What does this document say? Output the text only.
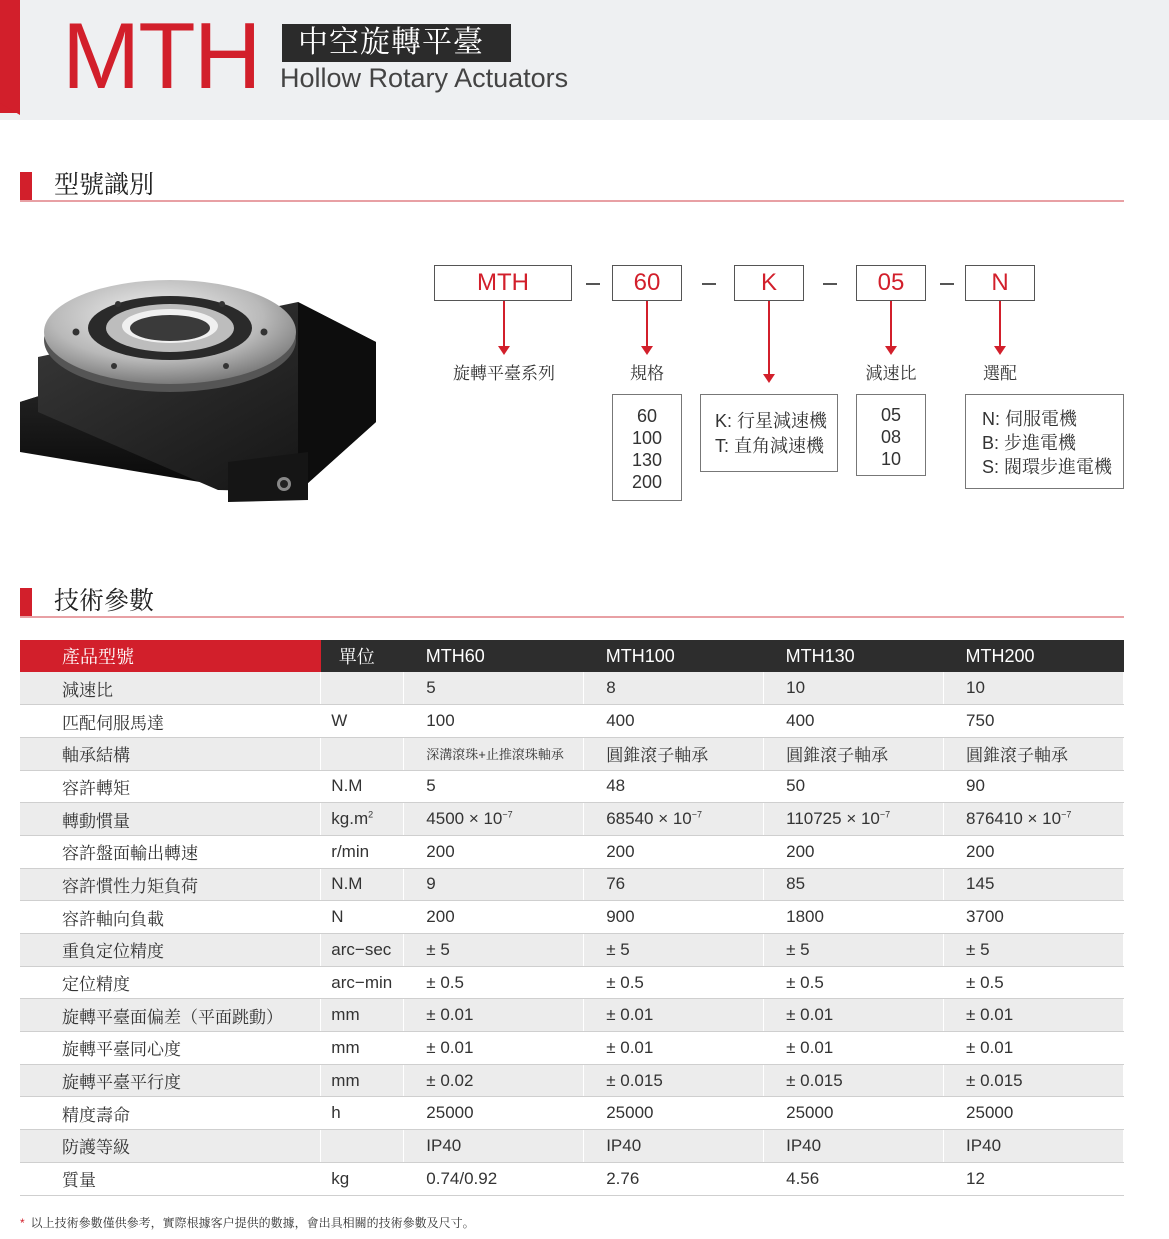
MTH	中空旋轉平臺
Hollow Rotary Actuators
型號識別
MTH	60	K	05	N
旋轉平臺系列	規格	減速比	選配
60
100
130
200
K: 行星減速機
T: 直角減速機
05
08
10
N: 伺服電機
B: 步進電機
S: 閥環步進電機
技術參數
產品型號	單位	MTH60	MTH100	MTH130	MTH200
減速比		5	8	10	10
匹配伺服馬達	W	100	400	400	750
軸承結構		深溝滾珠+止推滾珠軸承	圓錐滾子軸承	圓錐滾子軸承	圓錐滾子軸承
容許轉矩	N.M	5	48	50	90
轉動慣量	$kg.m^2$	$4500 \times 10^{-7}$	$68540 \times 10^{-7}$	$110725 \times 10^{-7}$	$876410 \times 10^{-7}$
容許盤面輸出轉速	r/min	200	200	200	200
容許慣性力矩負荷	N.M	9	76	85	145
容許軸向負載	N	200	900	1800	3700
重負定位精度	arc−sec	± 5	± 5	± 5	± 5
定位精度	arc−min	± 0.5	± 0.5	± 0.5	± 0.5
旋轉平臺面偏差（平面跳動）	mm	± 0.01	± 0.01	± 0.01	± 0.01
旋轉平臺同心度	mm	± 0.01	± 0.01	± 0.01	± 0.01
旋轉平臺平行度	mm	± 0.02	± 0.015	± 0.015	± 0.015
精度壽命	h	25000	25000	25000	25000
防護等級		IP40	IP40	IP40	IP40
質量	kg	0.74/0.92	2.76	4.56	12
* 以上技術參數僅供參考，實際根據客户提供的數據，會出具相關的技術參數及尺寸。
